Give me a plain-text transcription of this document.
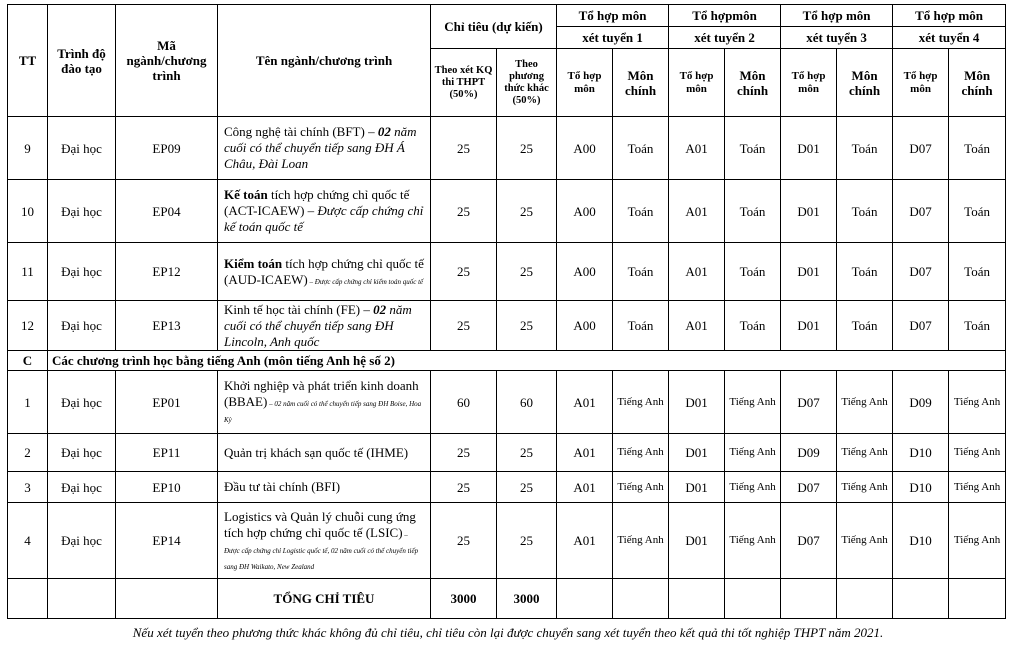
TT	Trình độ đào tạo	Mã ngành/chương trình	Tên ngành/chương trình	Chỉ tiêu (dự kiến)		Tổ hợp môn		Tổ hợpmôn		Tổ hợp môn		Tổ hợp môn	
						xét tuyển 1		xét tuyển 2		xét tuyển 3		xét tuyển 4	
				Theo xét KQ thi THPT (50%)	Theo phương thức khác (50%)	Tổ hợp môn	Môn chính	Tổ hợp môn	Môn chính	Tổ hợp môn	Môn chính	Tổ hợp môn	Môn chính
9	Đại học	EP09	Công nghệ tài chính (BFT) – 02 năm cuối có thể chuyển tiếp sang ĐH Á Châu, Đài Loan	25	25	A00	Toán	A01	Toán	D01	Toán	D07	Toán
10	Đại học	EP04	Kế toán tích hợp chứng chỉ quốc tế (ACT-ICAEW) – Được cấp chứng chỉ kế toán quốc tế	25	25	A00	Toán	A01	Toán	D01	Toán	D07	Toán
11	Đại học	EP12	Kiểm toán tích hợp chứng chỉ quốc tế (AUD-ICAEW) – Được cấp chứng chỉ kiểm toán quốc tế	25	25	A00	Toán	A01	Toán	D01	Toán	D07	Toán
12	Đại học	EP13	Kinh tế học tài chính (FE) – 02 năm cuối có thể chuyển tiếp sang ĐH Lincoln, Anh quốc	25	25	A00	Toán	A01	Toán	D01	Toán	D07	Toán
C	Các chương trình học bằng tiếng Anh (môn tiếng Anh hệ số 2)												
1	Đại học	EP01	Khởi nghiệp và phát triển kinh doanh (BBAE) – 02 năm cuối có thể chuyển tiếp sang ĐH Boise, Hoa Kỳ	60	60	A01	Tiếng Anh	D01	Tiếng Anh	D07	Tiếng Anh	D09	Tiếng Anh
2	Đại học	EP11	Quản trị khách sạn quốc tế (IHME)	25	25	A01	Tiếng Anh	D01	Tiếng Anh	D09	Tiếng Anh	D10	Tiếng Anh
3	Đại học	EP10	Đầu tư tài chính (BFI)	25	25	A01	Tiếng Anh	D01	Tiếng Anh	D07	Tiếng Anh	D10	Tiếng Anh
4	Đại học	EP14	Logistics và Quản lý chuỗi cung ứng tích hợp chứng chỉ quốc tế (LSIC) – Được cấp chứng chỉ Logistic quốc tế, 02 năm cuối có thể chuyển tiếp sang ĐH Waikato, New Zealand	25	25	A01	Tiếng Anh	D01	Tiếng Anh	D07	Tiếng Anh	D10	Tiếng Anh
			TỔNG CHỈ TIÊU	3000	3000								
Nếu xét tuyển theo phương thức khác không đủ chỉ tiêu, chỉ tiêu còn lại được chuyển sang xét tuyển theo kết quả thi tốt nghiệp THPT năm 2021.
